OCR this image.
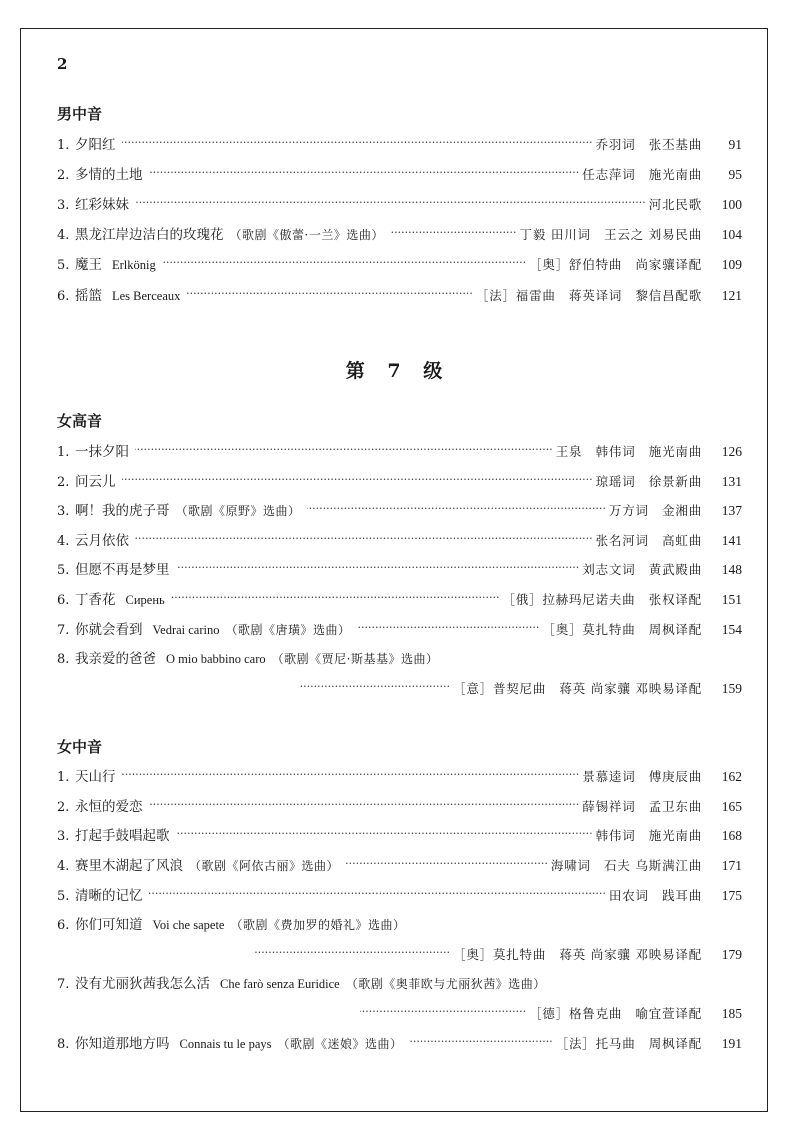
2
男中音
1. 夕阳红 ·····	乔羽词　张丕基曲	91
2. 多情的土地 ·····	任志萍词　施光南曲	95
3. 红彩妹妹 ·····	河北民歌	100
4. 黑龙江岸边洁白的玫瑰花 （歌剧《傲蕾·一兰》选曲） ·····	丁毅 田川词　王云之 刘易民曲	104
5. 魔王 Erlkönig ·····	［奥］舒伯特曲　尚家骧译配	109
6. 摇篮 Les Berceaux ·····	［法］福雷曲　蒋英译词　黎信昌配歌	121
第 7 级
女高音
1. 一抹夕阳 ·····	王泉　韩伟词　施光南曲	126
2. 问云儿 ·····	琼瑶词　徐景新曲	131
3. 啊！我的虎子哥 （歌剧《原野》选曲） ·····	万方词　金湘曲	137
4. 云月依依 ·····	张名河词　高虹曲	141
5. 但愿不再是梦里 ·····	刘志文词　黄武殿曲	148
6. 丁香花 Сирень ·····	［俄］拉赫玛尼诺夫曲　张权译配	151
7. 你就会看到 Vedrai carino （歌剧《唐璜》选曲） ·····	［奥］莫扎特曲　周枫译配	154
8. 我亲爱的爸爸 O mio babbino caro （歌剧《贾尼·斯基基》选曲）
·····
［意］普契尼曲　蒋英 尚家骧 邓映易译配	159
女中音
1. 天山行 ·····	景慕逵词　傅庚辰曲	162
2. 永恒的爱恋 ·····	薛锡祥词　孟卫东曲	165
3. 打起手鼓唱起歌 ·····	韩伟词　施光南曲	168
4. 赛里木湖起了风浪 （歌剧《阿依古丽》选曲） ·····	海啸词　石夫 乌斯满江曲	171
5. 清晰的记忆 ·····	田农词　践耳曲	175
6. 你们可知道 Voi che sapete （歌剧《费加罗的婚礼》选曲）
·····
［奥］莫扎特曲　蒋英 尚家骧 邓映易译配	179
7. 没有尤丽狄茜我怎么活 Che farò senza Euridice （歌剧《奥菲欧与尤丽狄茜》选曲）
·····
［德］格鲁克曲　喻宜萱译配	185
8. 你知道那地方吗 Connais tu le pays （歌剧《迷娘》选曲） ·····	［法］托马曲　周枫译配	191
